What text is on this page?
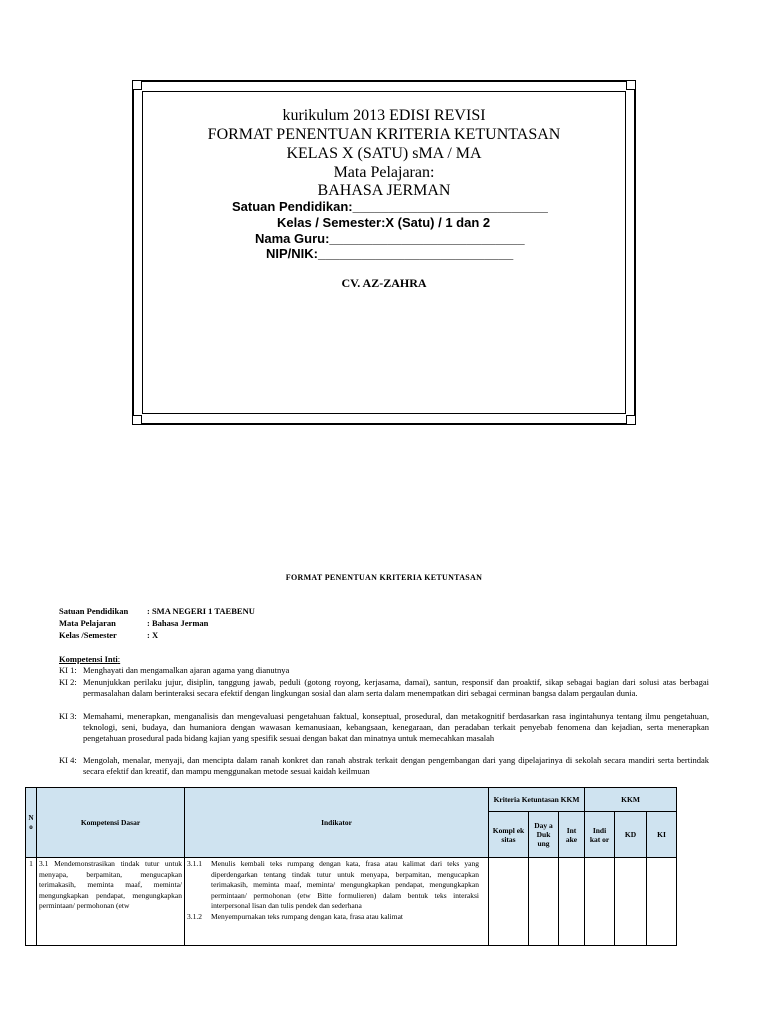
kurikulum 2013 EDISI REVISI
FORMAT PENENTUAN KRITERIA KETUNTASAN
KELAS X (SATU) sMA / MA
Mata Pelajaran:
BAHASA JERMAN
Satuan Pendidikan:___________________________
Kelas / Semester:X (Satu) / 1 dan 2
Nama Guru:___________________________
NIP/NIK:___________________________
CV. AZ-ZAHRA
FORMAT PENENTUAN KRITERIA KETUNTASAN
Satuan Pendidikan : SMA NEGERI 1 TAEBENU
Mata Pelajaran	: Bahasa Jerman
Kelas /Semester	: X
Kompetensi Inti:
KI 1: Menghayati dan mengamalkan ajaran agama yang dianutnya
KI 2: Menunjukkan perilaku jujur, disiplin, tanggung jawab, peduli (gotong royong, kerjasama, damai), santun, responsif dan proaktif, sikap sebagai bagian dari solusi atas berbagai permasalahan dalam berinteraksi secara efektif dengan lingkungan sosial dan alam serta dalam menempatkan diri sebagai cerminan bangsa dalam pergaulan dunia.
KI 3: Memahami, menerapkan, menganalisis dan mengevaluasi pengetahuan faktual, konseptual, prosedural, dan metakognitif berdasarkan rasa ingintahunya tentang ilmu pengetahuan, teknologi, seni, budaya, dan humaniora dengan wawasan kemanusiaan, kebangsaan, kenegaraan, dan peradaban terkait penyebab fenomena dan kejadian, serta menerapkan pengetahuan prosedural pada bidang kajian yang spesifik sesuai dengan bakat dan minatnya untuk memecahkan masalah
KI 4: Mengolah, menalar, menyaji, dan mencipta dalam ranah konkret dan ranah abstrak terkait dengan pengembangan dari yang dipelajarinya di sekolah secara mandiri serta bertindak secara efektif dan kreatif, dan mampu menggunakan metode sesuai kaidah keilmuan
N o	Kompetensi Dasar	Indikator	Kriteria Ketuntasan KKM			KKM		
			Kompl ek sitas	Day a Duk ung	Int ake	Indi kat or	KD	KI
1	3.1 Mendemonstrasikan tindak tutur untuk menyapa, berpamitan, mengucapkan terimakasih, meminta maaf, meminta/ mengungkapkan pendapat, mengungkapkan permintaan/ permohonan (etw	3.1.1 Menulis kembali teks rumpang dengan kata, frasa atau kalimat dari teks yang diperdengarkan tentang tindak tutur untuk menyapa, berpamitan, mengucapkan terimakasih, meminta maaf, meminta/ mengungkapkan pendapat, mengungkapkan permintaan/ permohonan (etw Bitte formulieren) dalam bentuk teks interaksi interpersonal lisan dan tulis pendek dan sederhana
3.1.2 Menyempurnakan teks rumpang dengan kata, frasa atau kalimat						
